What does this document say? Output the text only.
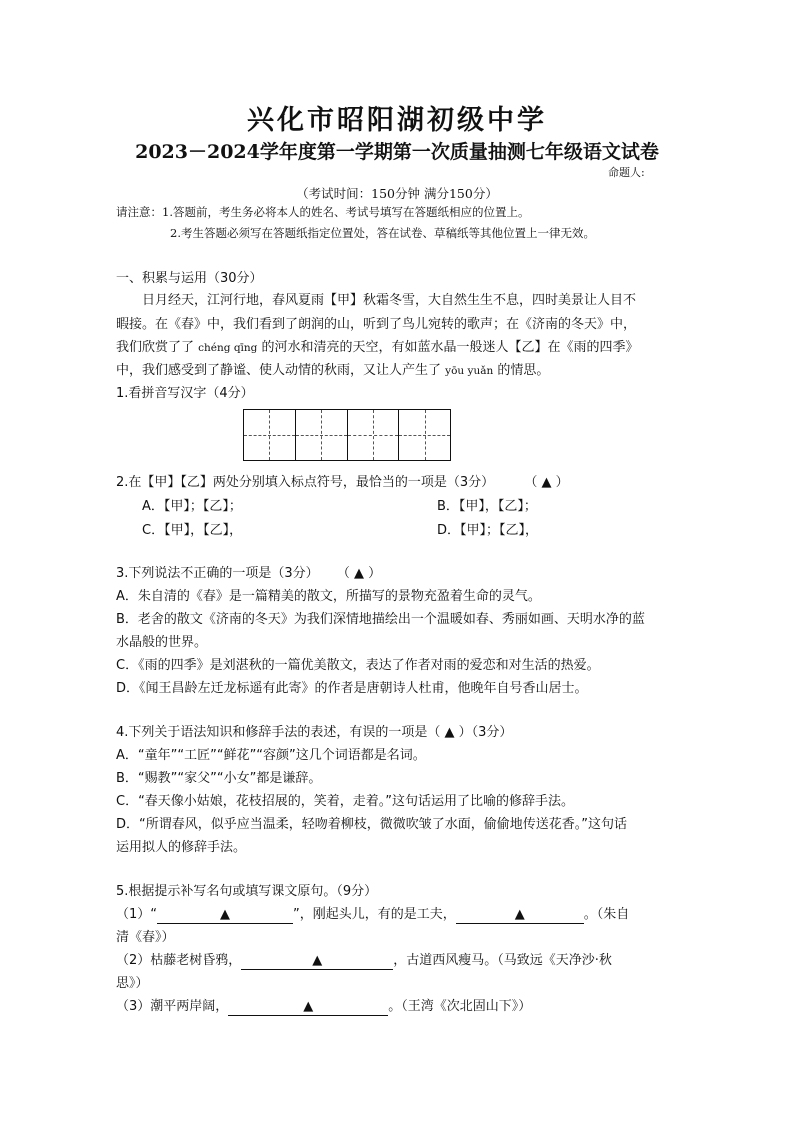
兴化市昭阳湖初级中学
2023－2024学年度第一学期第一次质量抽测七年级语文试卷
命题人:
（考试时间：150分钟 满分150分）
请注意：1.答题前，考生务必将本人的姓名、考试号填写在答题纸相应的位置上。
2.考生答题必须写在答题纸指定位置处，答在试卷、草稿纸等其他位置上一律无效。
一、积累与运用（30分）
日月经天，江河行地，春风夏雨【甲】秋霜冬雪，大自然生生不息，四时美景让人目不
暇接。在《春》中，我们看到了朗润的山，听到了鸟儿宛转的歌声；在《济南的冬天》中，
我们欣赏了了 chéng qīng 的河水和清亮的天空，有如蓝水晶一般迷人【乙】在《雨的四季》
中，我们感受到了静谧、使人动情的秋雨，又让人产生了 yōu yuǎn 的情思。
1.看拼音写汉字（4分）
2.在【甲】【乙】两处分别填入标点符号，最恰当的一项是（3分） （ ▲ ）
A．【甲】；【乙】；	B．【甲】，【乙】；
C．【甲】，【乙】，	D．【甲】；【乙】，
3.下列说法不正确的一项是（3分） （ ▲ ）
A．朱自清的《春》是一篇精美的散文，所描写的景物充盈着生命的灵气。
B．老舍的散文《济南的冬天》为我们深情地描绘出一个温暖如春、秀丽如画、天明水净的蓝
水晶般的世界。
C．《雨的四季》是刘湛秋的一篇优美散文，表达了作者对雨的爱恋和对生活的热爱。
D．《闻王昌龄左迁龙标遥有此寄》的作者是唐朝诗人杜甫，他晚年自号香山居士。
4.下列关于语法知识和修辞手法的表述，有误的一项是（ ▲ ）（3分）
A．“童年”“工匠”“鲜花”“容颜”这几个词语都是名词。
B．“赐教”“家父”“小女”都是谦辞。
C．“春天像小姑娘，花枝招展的，笑着，走着。”这句话运用了比喻的修辞手法。
D．“所谓春风，似乎应当温柔，轻吻着柳枝，微微吹皱了水面，偷偷地传送花香。”这句话
运用拟人的修辞手法。
5.根据提示补写名句或填写课文原句。（9分）
（1）“	▲	”，刚起头儿，有的是工夫，	▲	。（朱自
清《春》）
（2）枯藤老树昏鸦，	▲	，古道西风瘦马。（马致远《天净沙·秋
思》）
（3）潮平两岸阔，	▲	。（王湾《次北固山下》）
